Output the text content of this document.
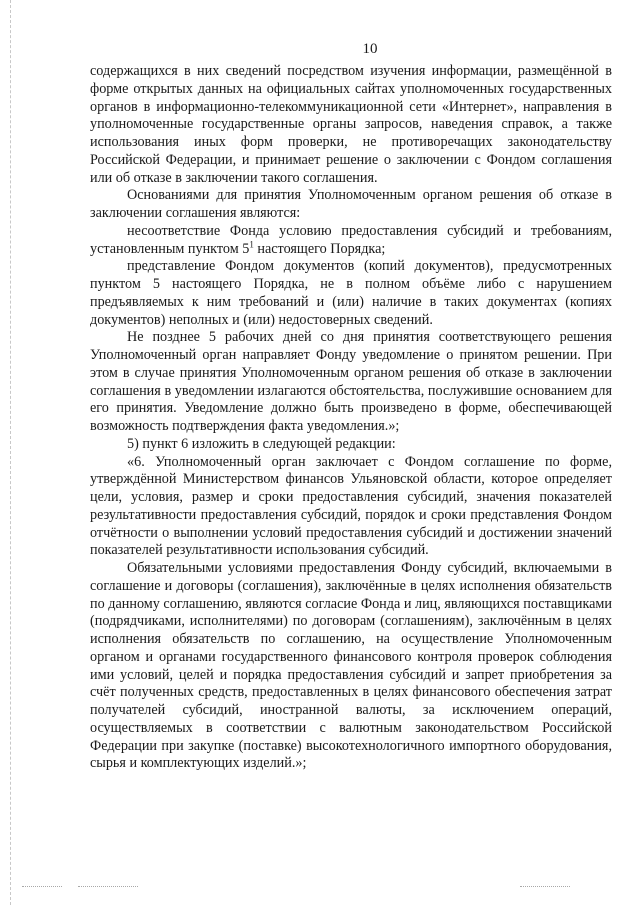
10

содержащихся в них сведений посредством изучения информации, размещённой в форме открытых данных на официальных сайтах уполномоченных государственных органов в информационно-телекоммуникационной сети «Интернет», направления в уполномоченные государственные органы запросов, наведения справок, а также использования иных форм проверки, не противоречащих законодательству Российской Федерации, и принимает решение о заключении с Фондом соглашения или об отказе в заключении такого соглашения.

Основаниями для принятия Уполномоченным органом решения об отказе в заключении соглашения являются:

несоответствие Фонда условию предоставления субсидий и требованиям, установленным пунктом $5^1$ настоящего Порядка;

представление Фондом документов (копий документов), предусмотренных пунктом 5 настоящего Порядка, не в полном объёме либо с нарушением предъявляемых к ним требований и (или) наличие в таких документах (копиях документов) неполных и (или) недостоверных сведений.

Не позднее 5 рабочих дней со дня принятия соответствующего решения Уполномоченный орган направляет Фонду уведомление о принятом решении. При этом в случае принятия Уполномоченным органом решения об отказе в заключении соглашения в уведомлении излагаются обстоятельства, послужившие основанием для его принятия. Уведомление должно быть произведено в форме, обеспечивающей возможность подтверждения факта уведомления.»;

5) пункт 6 изложить в следующей редакции:

«6. Уполномоченный орган заключает с Фондом соглашение по форме, утверждённой Министерством финансов Ульяновской области, которое определяет цели, условия, размер и сроки предоставления субсидий, значения показателей результативности предоставления субсидий, порядок и сроки представления Фондом отчётности о выполнении условий предоставления субсидий и достижении значений показателей результативности использования субсидий.

Обязательными условиями предоставления Фонду субсидий, включаемыми в соглашение и договоры (соглашения), заключённые в целях исполнения обязательств по данному соглашению, являются согласие Фонда и лиц, являющихся поставщиками (подрядчиками, исполнителями) по договорам (соглашениям), заключённым в целях исполнения обязательств по соглашению, на осуществление Уполномоченным органом и органами государственного финансового контроля проверок соблюдения ими условий, целей и порядка предоставления субсидий и запрет приобретения за счёт полученных средств, предоставленных в целях финансового обеспечения затрат получателей субсидий, иностранной валюты, за исключением операций, осуществляемых в соответствии с валютным законодательством Российской Федерации при закупке (поставке) высокотехнологичного импортного оборудования, сырья и комплектующих изделий.»;
